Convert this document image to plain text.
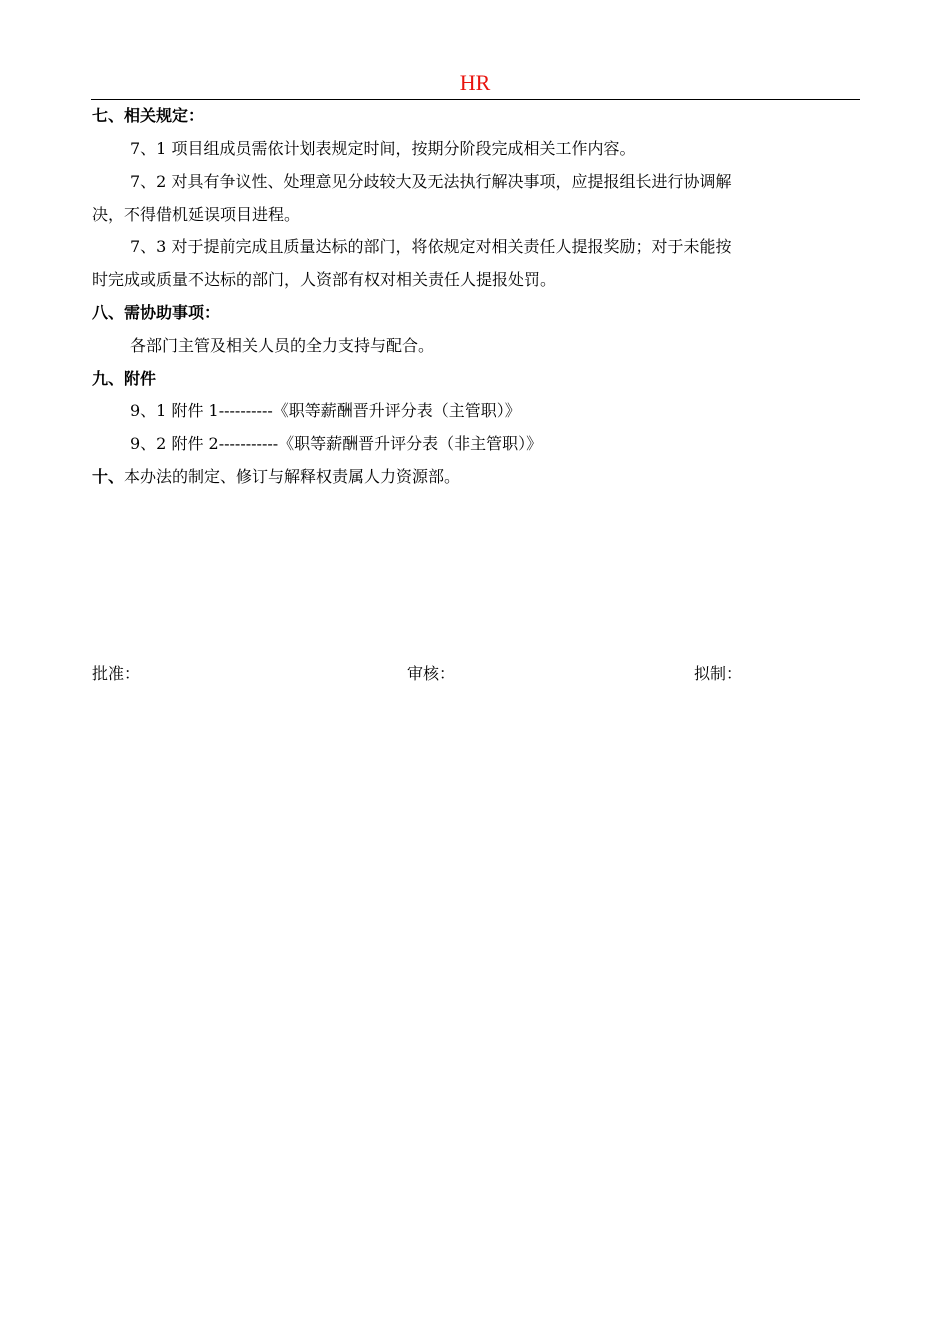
HR
七、相关规定：
7、1 项目组成员需依计划表规定时间，按期分阶段完成相关工作内容。
7、2 对具有争议性、处理意见分歧较大及无法执行解决事项，应提报组长进行协调解
决，不得借机延误项目进程。
7、3 对于提前完成且质量达标的部门，将依规定对相关责任人提报奖励；对于未能按
时完成或质量不达标的部门，人资部有权对相关责任人提报处罚。
八、需协助事项：
各部门主管及相关人员的全力支持与配合。
九、附件
9、1 附件 1----------《职等薪酬晋升评分表（主管职）》
9、2 附件 2-----------《职等薪酬晋升评分表（非主管职）》
十、本办法的制定、修订与解释权责属人力资源部。
批准：	审核：	拟制：
